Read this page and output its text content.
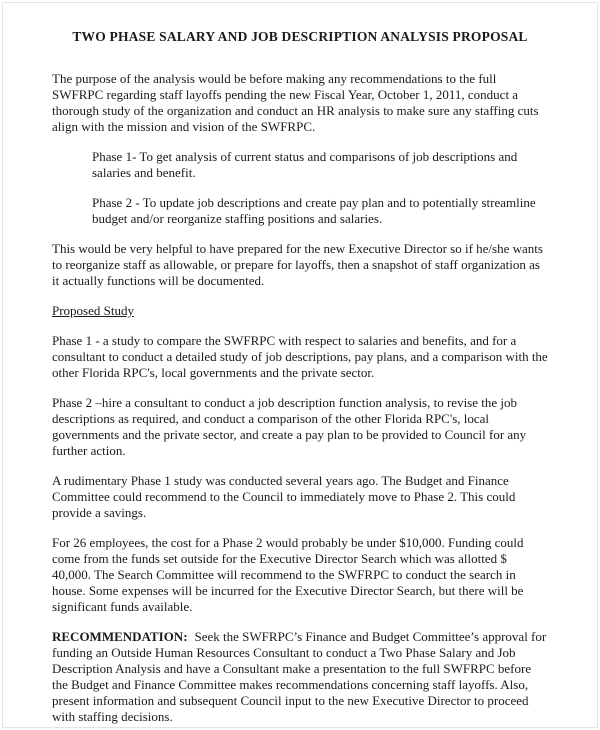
TWO PHASE SALARY AND JOB DESCRIPTION ANALYSIS PROPOSAL

The purpose of the analysis would be before making any recommendations to the full SWFRPC regarding staff layoffs pending the new Fiscal Year, October 1, 2011, conduct a thorough study of the organization and conduct an HR analysis to make sure any staffing cuts align with the mission and vision of the SWFRPC.

Phase 1- To get analysis of current status and comparisons of job descriptions and salaries and benefit.

Phase 2 - To update job descriptions and create pay plan and to potentially streamline budget and/or reorganize staffing positions and salaries.

This would be very helpful to have prepared for the new Executive Director so if he/she wants to reorganize staff as allowable, or prepare for layoffs, then a snapshot of staff organization as it actually functions will be documented.

Proposed Study

Phase 1 - a study to compare the SWFRPC with respect to salaries and benefits, and for a consultant to conduct a detailed study of job descriptions, pay plans, and a comparison with the other Florida RPC's, local governments and the private sector.

Phase 2 –hire a consultant to conduct a job description function analysis, to revise the job descriptions as required, and conduct a comparison of the other Florida RPC's, local governments and the private sector, and create a pay plan to be provided to Council for any further action.

A rudimentary Phase 1 study was conducted several years ago. The Budget and Finance Committee could recommend to the Council to immediately move to Phase 2. This could provide a savings.

For 26 employees, the cost for a Phase 2 would probably be under $10,000. Funding could come from the funds set outside for the Executive Director Search which was allotted $ 40,000. The Search Committee will recommend to the SWFRPC to conduct the search in house. Some expenses will be incurred for the Executive Director Search, but there will be significant funds available.

RECOMMENDATION: Seek the SWFRPC’s Finance and Budget Committee’s approval for funding an Outside Human Resources Consultant to conduct a Two Phase Salary and Job Description Analysis and have a Consultant make a presentation to the full SWFRPC before the Budget and Finance Committee makes recommendations concerning staff layoffs. Also, present information and subsequent Council input to the new Executive Director to proceed with staffing decisions.
